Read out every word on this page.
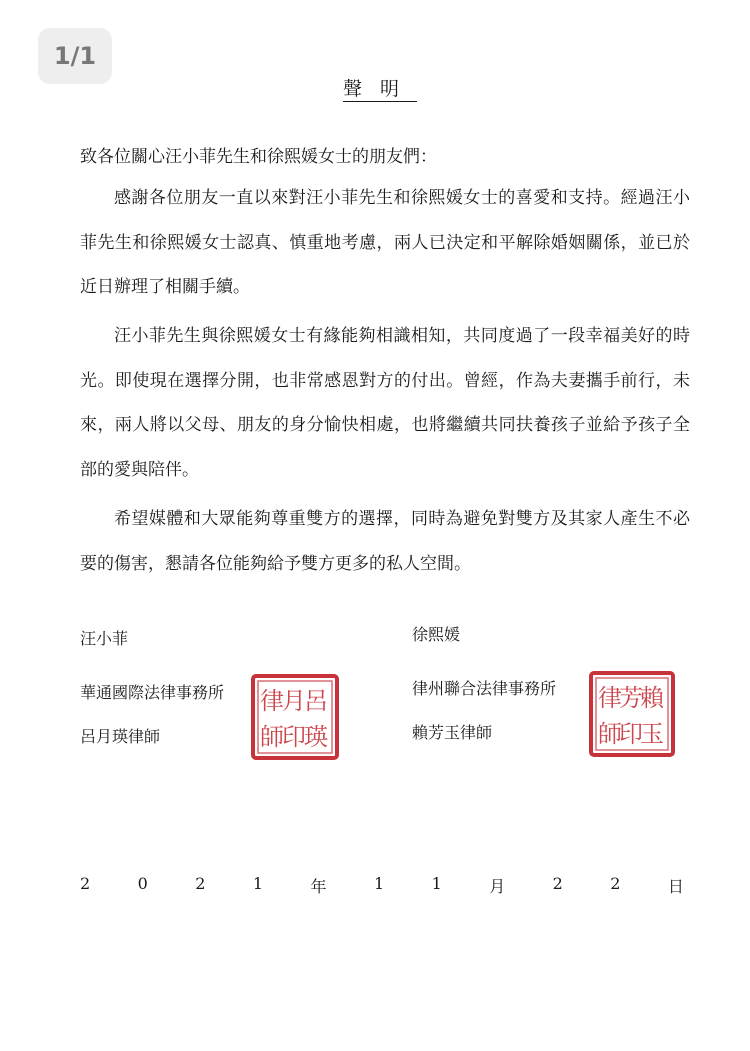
1/1
聲明
致各位關心汪小菲先生和徐熙媛女士的朋友們：

感謝各位朋友一直以來對汪小菲先生和徐熙媛女士的喜愛和支持。經過汪小菲先生和徐熙媛女士認真、慎重地考慮，兩人已決定和平解除婚姻關係，並已於近日辦理了相關手續。

汪小菲先生與徐熙媛女士有緣能夠相識相知，共同度過了一段幸福美好的時光。即使現在選擇分開，也非常感恩對方的付出。曾經，作為夫妻攜手前行，未來，兩人將以父母、朋友的身分愉快相處，也將繼續共同扶養孩子並給予孩子全部的愛與陪伴。

希望媒體和大眾能夠尊重雙方的選擇，同時為避免對雙方及其家人產生不必要的傷害，懇請各位能夠給予雙方更多的私人空間。

汪小菲
華通國際法律事務所
呂月瑛律師
徐熙媛
律州聯合法律事務所
賴芳玉律師
呂
月
瑛
律
師
印
賴
芳
玉
律
師
印
2	0	2	1	年	1	1	月	2	2	日
